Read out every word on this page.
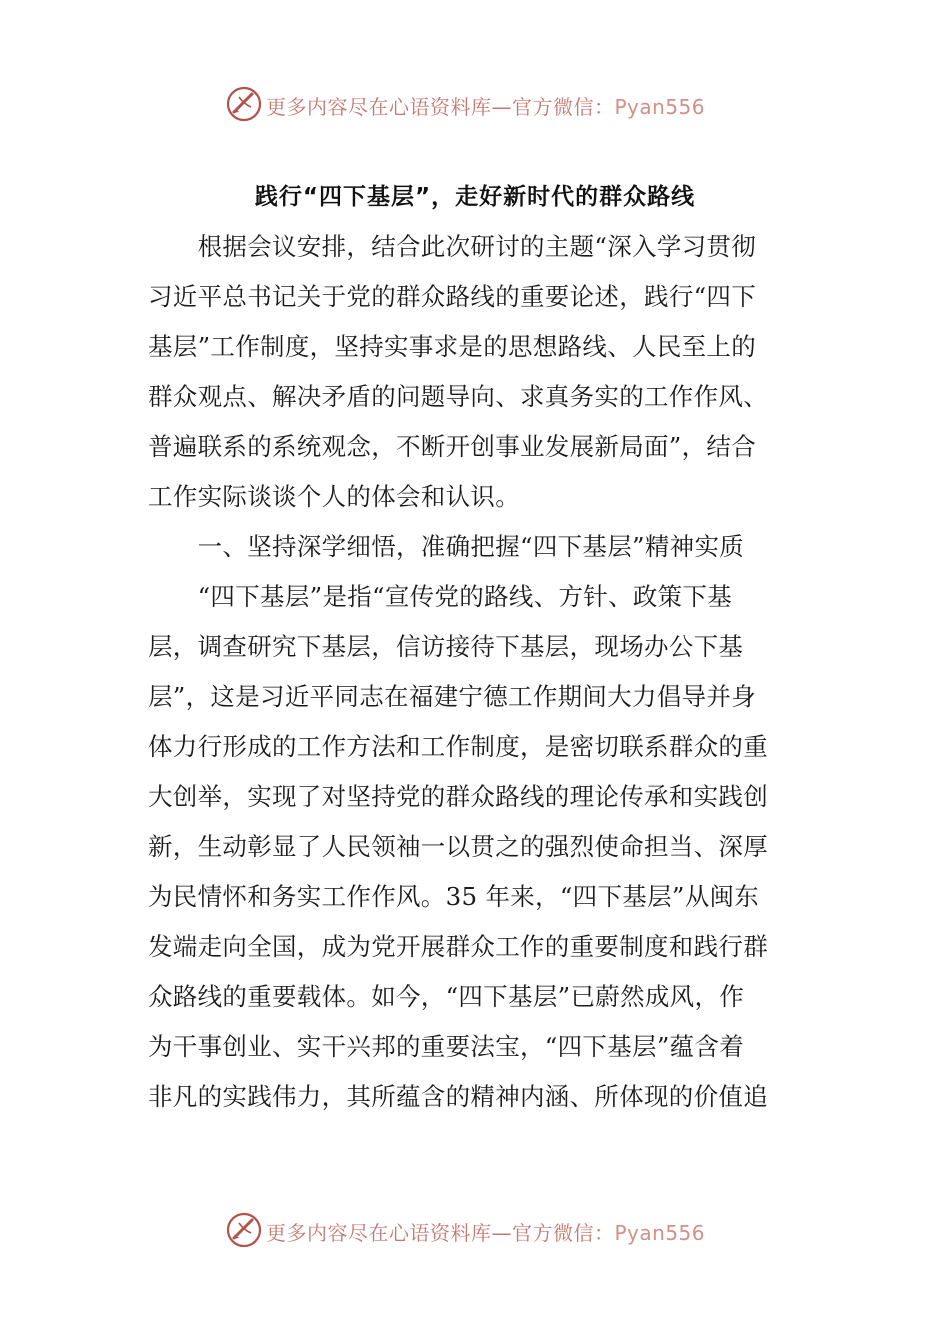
更多内容尽在心语资料库—官方微信：Pyan556
践行“四下基层”，走好新时代的群众路线
　　根据会议安排，结合此次研讨的主题“深入学习贯彻
习近平总书记关于党的群众路线的重要论述，践行“四下
基层”工作制度，坚持实事求是的思想路线、人民至上的
群众观点、解决矛盾的问题导向、求真务实的工作作风、
普遍联系的系统观念，不断开创事业发展新局面”，结合
工作实际谈谈个人的体会和认识。
　　一、坚持深学细悟，准确把握“四下基层”精神实质
　　“四下基层”是指“宣传党的路线、方针、政策下基
层，调查研究下基层，信访接待下基层，现场办公下基
层”，这是习近平同志在福建宁德工作期间大力倡导并身
体力行形成的工作方法和工作制度，是密切联系群众的重
大创举，实现了对坚持党的群众路线的理论传承和实践创
新，生动彰显了人民领袖一以贯之的强烈使命担当、深厚
为民情怀和务实工作作风。35 年来，“四下基层”从闽东
发端走向全国，成为党开展群众工作的重要制度和践行群
众路线的重要载体。如今，“四下基层”已蔚然成风，作
为干事创业、实干兴邦的重要法宝，“四下基层”蕴含着
非凡的实践伟力，其所蕴含的精神内涵、所体现的价值追
更多内容尽在心语资料库—官方微信：Pyan556
